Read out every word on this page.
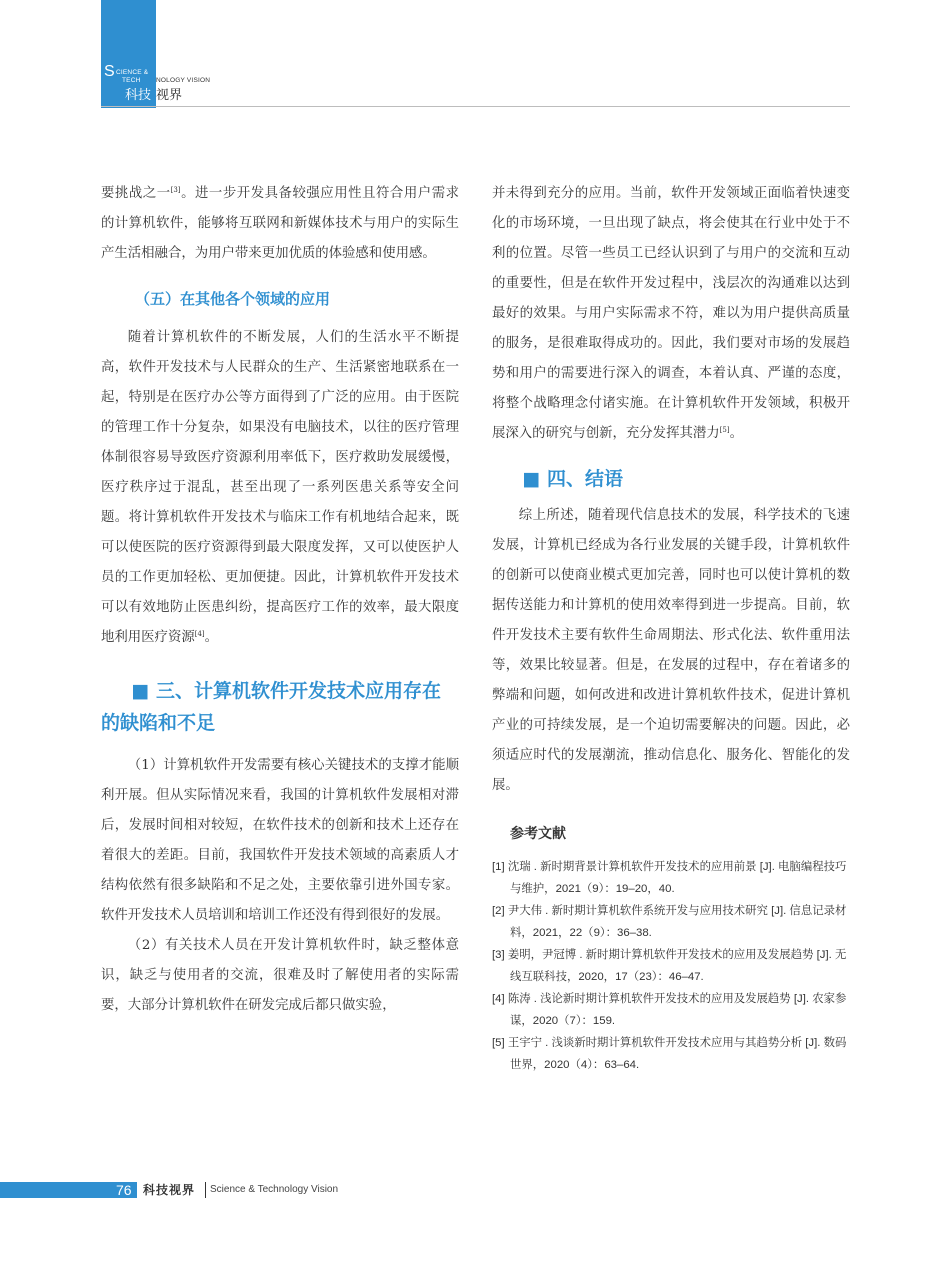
S CIENCE &
TECH NOLOGY VISION
科技 视界

要挑战之一[3]。进一步开发具备较强应用性且符合用户需求的计算机软件，能够将互联网和新媒体技术与用户的实际生产生活相融合，为用户带来更加优质的体验感和使用感。

（五）在其他各个领域的应用

随着计算机软件的不断发展，人们的生活水平不断提高，软件开发技术与人民群众的生产、生活紧密地联系在一起，特别是在医疗办公等方面得到了广泛的应用。由于医院的管理工作十分复杂，如果没有电脑技术，以往的医疗管理体制很容易导致医疗资源利用率低下，医疗救助发展缓慢，医疗秩序过于混乱，甚至出现了一系列医患关系等安全问题。将计算机软件开发技术与临床工作有机地结合起来，既可以使医院的医疗资源得到最大限度发挥，又可以使医护人员的工作更加轻松、更加便捷。因此，计算机软件开发技术可以有效地防止医患纠纷，提高医疗工作的效率，最大限度地利用医疗资源[4]。

■ 三、计算机软件开发技术应用存在的缺陷和不足

（1）计算机软件开发需要有核心关键技术的支撑才能顺利开展。但从实际情况来看，我国的计算机软件发展相对滞后，发展时间相对较短，在软件技术的创新和技术上还存在着很大的差距。目前，我国软件开发技术领域的高素质人才结构依然有很多缺陷和不足之处，主要依靠引进外国专家。软件开发技术人员培训和培训工作还没有得到很好的发展。

（2）有关技术人员在开发计算机软件时，缺乏整体意识，缺乏与使用者的交流，很难及时了解使用者的实际需要，大部分计算机软件在研发完成后都只做实验，

并未得到充分的应用。当前，软件开发领域正面临着快速变化的市场环境，一旦出现了缺点，将会使其在行业中处于不利的位置。尽管一些员工已经认识到了与用户的交流和互动的重要性，但是在软件开发过程中，浅层次的沟通难以达到最好的效果。与用户实际需求不符，难以为用户提供高质量的服务，是很难取得成功的。因此，我们要对市场的发展趋势和用户的需要进行深入的调查，本着认真、严谨的态度，将整个战略理念付诸实施。在计算机软件开发领域，积极开展深入的研究与创新，充分发挥其潜力[5]。

■ 四、结语

综上所述，随着现代信息技术的发展，科学技术的飞速发展，计算机已经成为各行业发展的关键手段，计算机软件的创新可以使商业模式更加完善，同时也可以使计算机的数据传送能力和计算机的使用效率得到进一步提高。目前，软件开发技术主要有软件生命周期法、形式化法、软件重用法等，效果比较显著。但是，在发展的过程中，存在着诸多的弊端和问题，如何改进和改进计算机软件技术，促进计算机产业的可持续发展，是一个迫切需要解决的问题。因此，必须适应时代的发展潮流，推动信息化、服务化、智能化的发展。

参考文献

[1] 沈瑞 . 新时期背景计算机软件开发技术的应用前景 [J]. 电脑编程技巧与维护，2021（9）：19–20，40.

[2] 尹大伟 . 新时期计算机软件系统开发与应用技术研究 [J]. 信息记录材料，2021，22（9）：36–38.

[3] 姜明，尹冠博 . 新时期计算机软件开发技术的应用及发展趋势 [J]. 无线互联科技，2020，17（23）：46–47.

[4] 陈涛 . 浅论新时期计算机软件开发技术的应用及发展趋势 [J]. 农家参谋，2020（7）：159.

[5] 王宇宁 . 浅谈新时期计算机软件开发技术应用与其趋势分析 [J]. 数码世界，2020（4）：63–64.

76 科技视界 Science & Technology Vision
